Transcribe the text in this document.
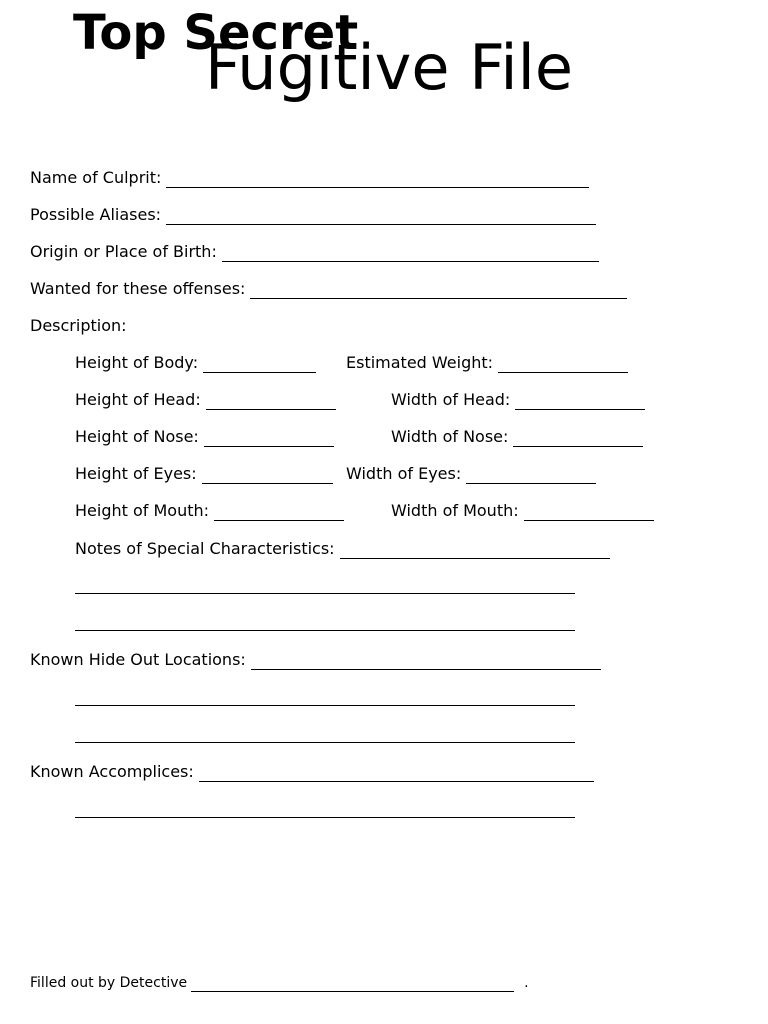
Fugitive File
Top Secret
Name of Culprit:
Possible Aliases:
Origin or Place of Birth:
Wanted for these offenses:
Description:
Height of Body:	Estimated Weight:
Height of Head:	Width of Head:
Height of Nose:	Width of Nose:
Height of Eyes:	Width of Eyes:
Height of Mouth:	Width of Mouth:
Notes of Special Characteristics:
Known Hide Out Locations:
Known Accomplices:
Filled out by Detective	.
